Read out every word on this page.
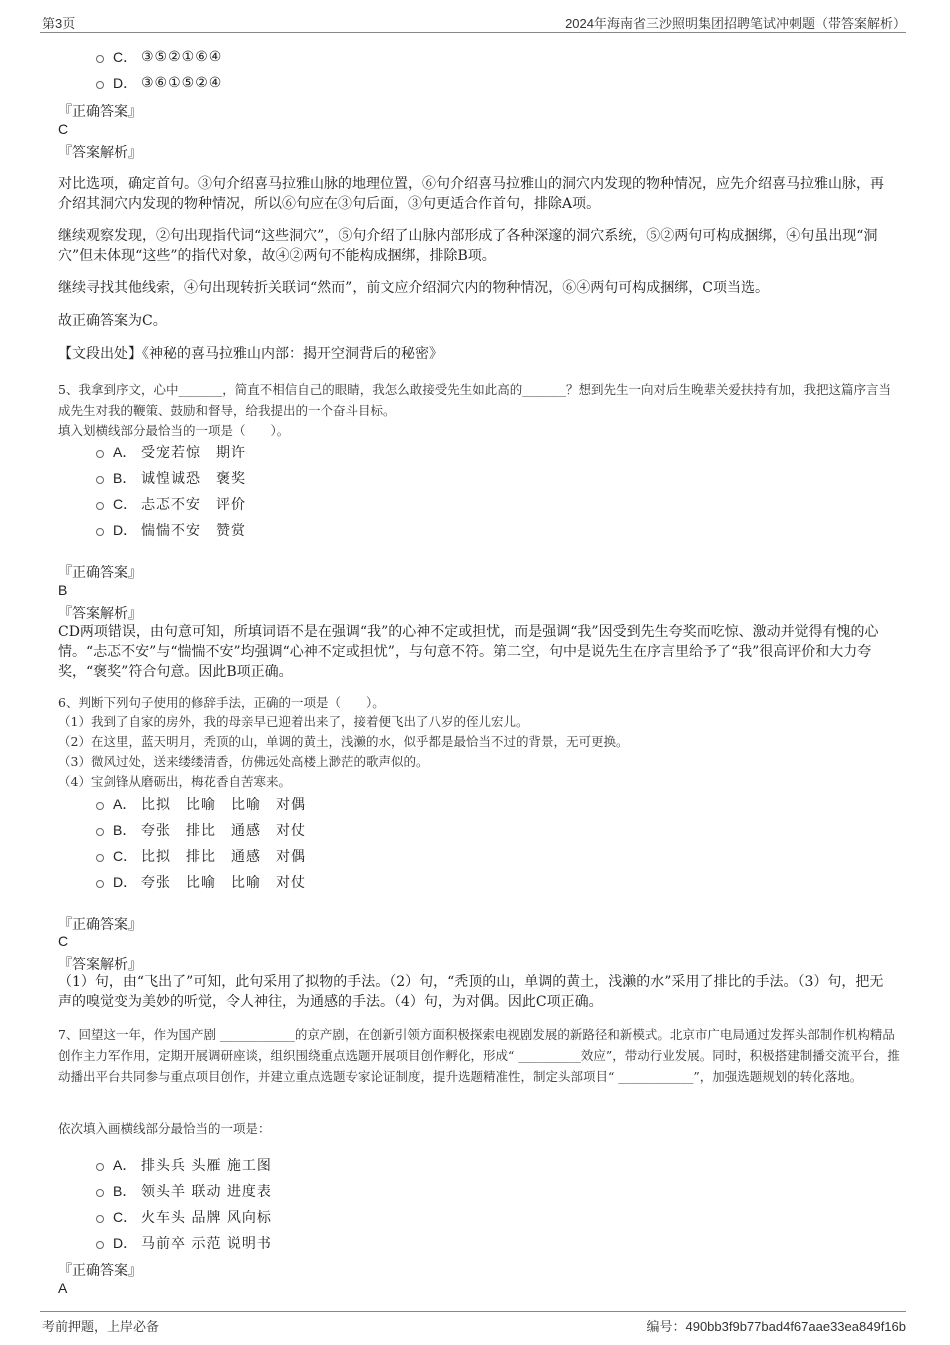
第3页	2024年海南省三沙照明集团招聘笔试冲刺题（带答案解析）
C． ③⑤②①⑥④
D． ③⑥①⑤②④
『正确答案』
C
『答案解析』
对比选项，确定首句。③句介绍喜马拉雅山脉的地理位置，⑥句介绍喜马拉雅山的洞穴内发现的物种情况，应先介绍喜马拉雅山脉，再介绍其洞穴内发现的物种情况，所以⑥句应在③句后面，③句更适合作首句，排除A项。
继续观察发现，②句出现指代词“这些洞穴”，⑤句介绍了山脉内部形成了各种深邃的洞穴系统，⑤②两句可构成捆绑，④句虽出现“洞穴”但未体现“这些”的指代对象，故④②两句不能构成捆绑，排除B项。
继续寻找其他线索，④句出现转折关联词“然而”，前文应介绍洞穴内的物种情况，⑥④两句可构成捆绑，C项当选。
故正确答案为C。
【文段出处】《神秘的喜马拉雅山内部：揭开空洞背后的秘密》
5、我拿到序文，心中_______，简直不相信自己的眼睛，我怎么敢接受先生如此高的_______？想到先生一向对后生晚辈关爱扶持有加，我把这篇序言当成先生对我的鞭策、鼓励和督导，给我提出的一个奋斗目标。
填入划横线部分最恰当的一项是（　　）。
A． 受宠若惊　期许
B． 诚惶诚恐　褒奖
C． 忐忑不安　评价
D． 惴惴不安　赞赏
『正确答案』
B
『答案解析』
CD两项错误，由句意可知，所填词语不是在强调“我”的心神不定或担忧，而是强调“我”因受到先生夸奖而吃惊、激动并觉得有愧的心情。“忐忑不安”与“惴惴不安”均强调“心神不定或担忧”，与句意不符。第二空，句中是说先生在序言里给予了“我”很高评价和大力夸奖，“褒奖”符合句意。因此B项正确。
6、判断下列句子使用的修辞手法，正确的一项是（　　）。
（1）我到了自家的房外，我的母亲早已迎着出来了，接着便飞出了八岁的侄儿宏儿。
（2）在这里，蓝天明月，秃顶的山，单调的黄土，浅濑的水，似乎都是最恰当不过的背景，无可更换。
（3）微风过处，送来缕缕清香，仿佛远处高楼上渺茫的歌声似的。
（4）宝剑锋从磨砺出，梅花香自苦寒来。
A． 比拟　比喻　比喻　对偶
B． 夸张　排比　通感　对仗
C． 比拟　排比　通感　对偶
D． 夸张　比喻　比喻　对仗
『正确答案』
C
『答案解析』
（1）句，由“飞出了”可知，此句采用了拟物的手法。（2）句，“秃顶的山，单调的黄土，浅濑的水”采用了排比的手法。（3）句，把无声的嗅觉变为美妙的听觉，令人神往，为通感的手法。（4）句，为对偶。因此C项正确。
7、回望这一年，作为国产剧 ____________的京产剧，在创新引领方面积极探索电视剧发展的新路径和新模式。北京市广电局通过发挥头部制作机构精品创作主力军作用，定期开展调研座谈，组织围绕重点选题开展项目创作孵化，形成“ __________效应”，带动行业发展。同时，积极搭建制播交流平台，推动播出平台共同参与重点项目创作，并建立重点选题专家论证制度，提升选题精准性，制定头部项目“ ____________”，加强选题规划的转化落地。
依次填入画横线部分最恰当的一项是：
A． 排头兵 头雁 施工图
B． 领头羊 联动 进度表
C． 火车头 品牌 风向标
D． 马前卒 示范 说明书
『正确答案』
A
考前押题，上岸必备	编号：490bb3f9b77bad4f67aae33ea849f16b
